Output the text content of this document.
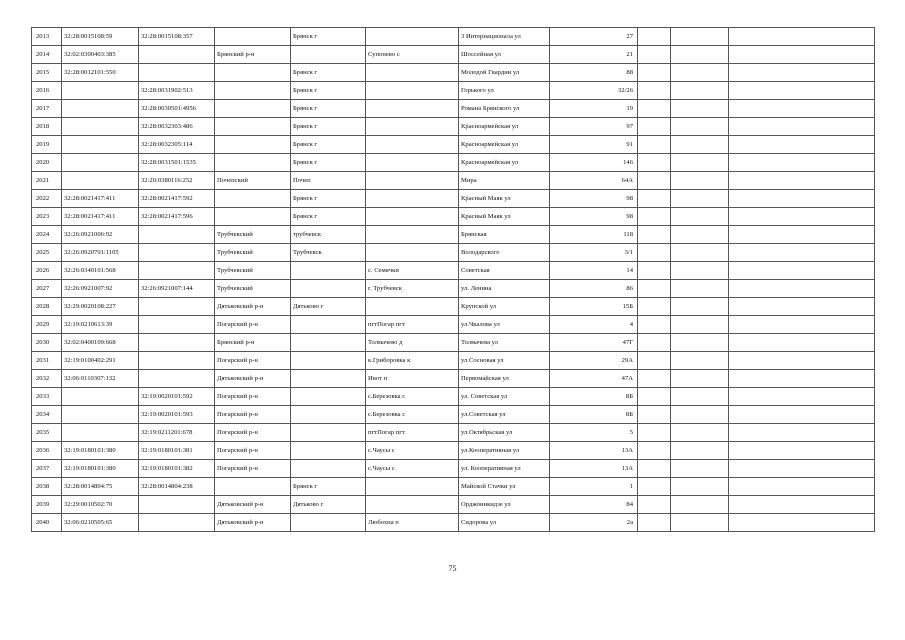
2013	32:28:0015108:59	32:28:0015108:357		Брянск г		3 Интернационала ул	27			
2014	32:02:0300403:385		Брянский р-н		Супонево с	Шоссейная ул	21			
2015	32:28:0012101:550			Брянск г		Молодой Гвардии ул	88			
2016		32:28:0031902:513		Брянск г		Горького ул	32/26			
2017		32:28:0030501:4956		Брянск г		Романа Брянского ул	19			
2018		32:28:0032303:486		Брянск г		Красноармейская ул	97			
2019		32:28:0032305:114		Брянск г		Красноармейская ул	91			
2020		32:28:0031501:1535		Брянск г		Красноармейская ул	146			
2021		32:20:0380116:252	Почепский	Почеп		Мира	64А			
2022	32:28:0021417:411	32:28:0021417:592		Брянск г		Красный Маяк ул	98			
2023	32:28:0021417:411	32:28:0021417:596		Брянск г		Красный Маяк ул	98			
2024	32:26:0921006:92		Трубчевский	трубчевск		Брянская	118			
2025	32:26:0920701:1105		Трубчевский	Трубчевск		Володарского	3/1			
2026	32:26:0340101:568		Трубчевский		с. Семячки	Советская	14			
2027	32:26:0921007:92	32:26:0921007:144	Трубчевский		г. Трубчевск	ул. Ленина	86			
2028	32:29:0020108:227		Дятьковский р-н	Дятьково г		Крупской ул	15Б			
2029	32:19:0210613:39		Погарский р-н		пгтПогар пгт	ул.Чкалова ул	4			
2030	32:02:0400109:668		Брянский р-н		Толмачево д	Толмачева ул	47Г			
2031	32:19:0100402:291		Погарский р-н		к.Гриборовка к	ул.Сосновая ул	29А			
2032	32:06:0110307:132		Дятьковский р-н		Ивот п	Первомайская ул	47А			
2033		32:19:0020101:592	Погарский р-н		с.Березовка с	ул. Советская ул	8Б			
2034		32:19:0020101:593	Погарский р-н		с.Березовка с	ул.Советская ул	8Б			
2035		32:19:0211201:678	Погарский р-н		пгтПогар пгт	ул.Октябрьская ул	5			
2036	32:19:0180101:380	32:19:0180101:381	Погарский р-н		с.Чаусы с	ул.Кооперативная ул	13А			
2037	32:19:0180101:380	32:19:0180101:382	Погарский р-н		с.Чаусы с	ул. Кооперативная ул	13А			
2038	32:28:0014804:75	32:28:0014804:238		Брянск г		Майской Стачки ул	1			
2039	32:29:0010502:70		Дятьковский р-н	Дятьково г		Орджоникидзе ул	84			
2040	32:06:0210505:65		Дятьковский р-н		Любохна п	Сидорова ул	2а			
75
